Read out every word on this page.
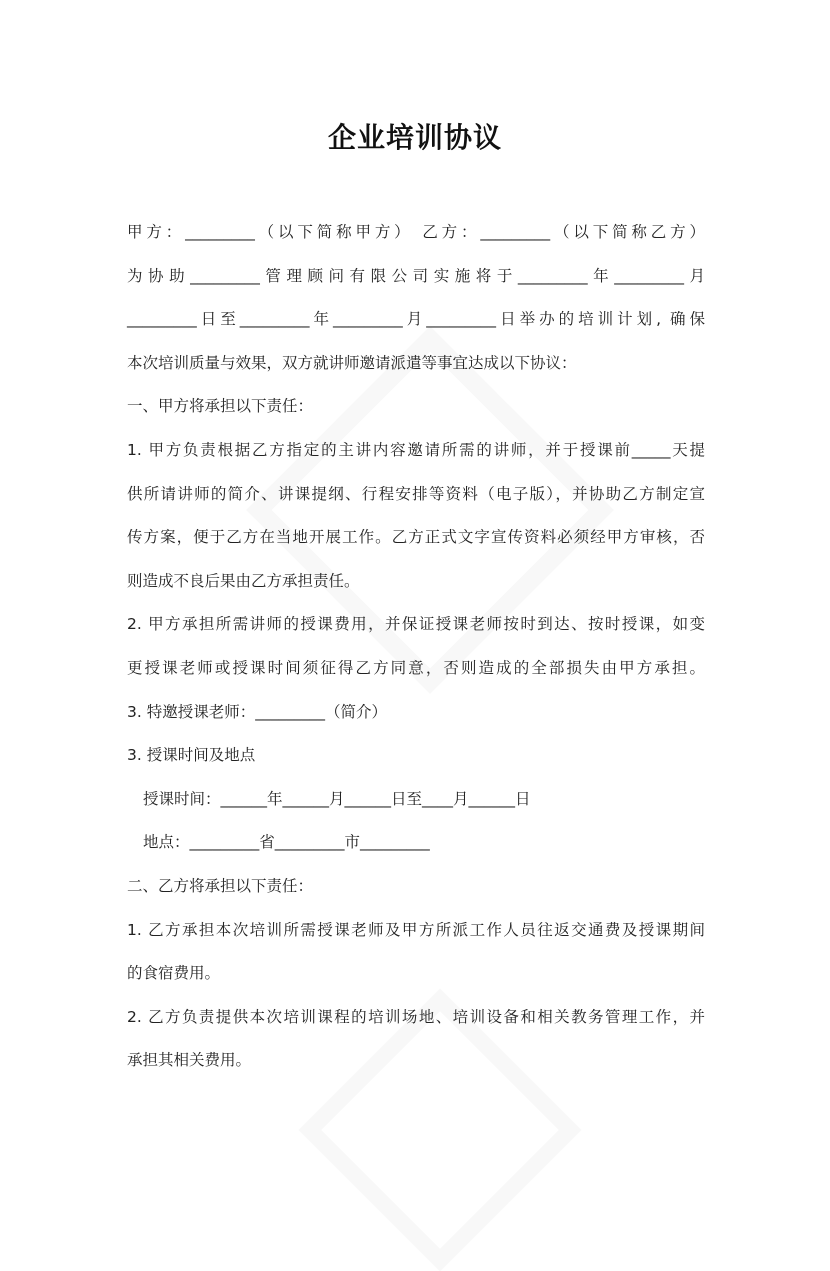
企业培训协议
甲方：_________（以下简称甲方） 乙方：_________（以下简称乙方）
为协助_________管理顾问有限公司实施将于_________年_________月
_________日至_________年_________月_________日举办的培训计划, 确保
本次培训质量与效果，双方就讲师邀请派遣等事宜达成以下协议：
一、甲方将承担以下责任：
1. 甲方负责根据乙方指定的主讲内容邀请所需的讲师，并于授课前_____天提
供所请讲师的简介、讲课提纲、行程安排等资料（电子版），并协助乙方制定宣
传方案，便于乙方在当地开展工作。乙方正式文字宣传资料必须经甲方审核，否
则造成不良后果由乙方承担责任。
2. 甲方承担所需讲师的授课费用，并保证授课老师按时到达、按时授课，如变
更授课老师或授课时间须征得乙方同意，否则造成的全部损失由甲方承担。
3. 特邀授课老师：_________（简介）
3. 授课时间及地点
授课时间：______年______月______日至____月______日
地点：_________省_________市_________
二、乙方将承担以下责任：
1. 乙方承担本次培训所需授课老师及甲方所派工作人员往返交通费及授课期间
的食宿费用。
2. 乙方负责提供本次培训课程的培训场地、培训设备和相关教务管理工作，并
承担其相关费用。
